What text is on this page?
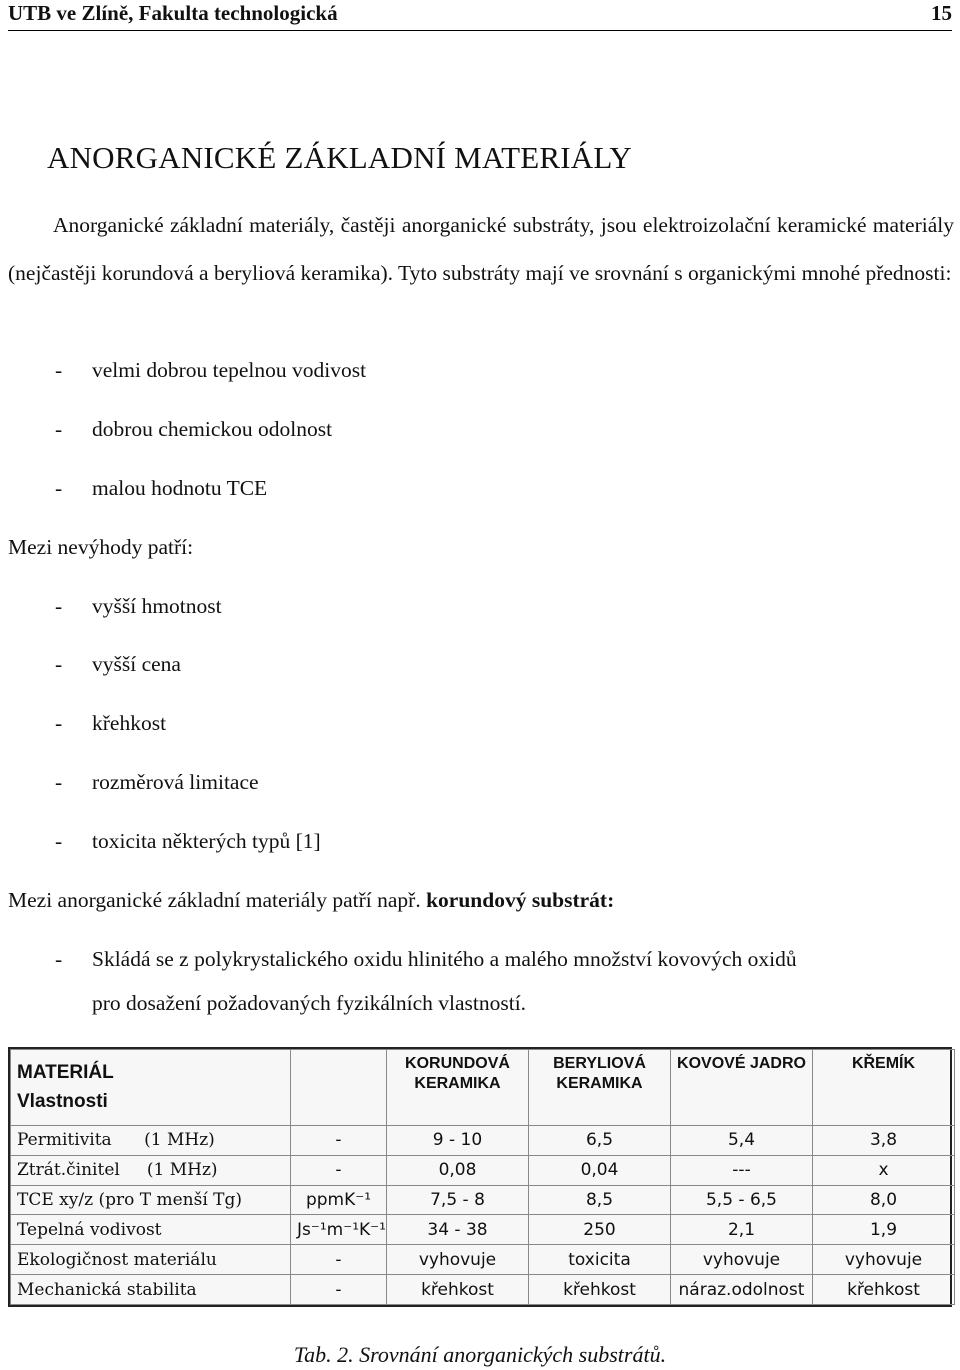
UTB ve Zlíně, Fakulta technologická	15
ANORGANICKÉ ZÁKLADNÍ MATERIÁLY

Anorganické základní materiály, častěji anorganické substráty, jsou elektroizolační keramické materiály (nejčastěji korundová a beryliová keramika). Tyto substráty mají ve srovnání s organickými mnohé přednosti:

- velmi dobrou tepelnou vodivost
- dobrou chemickou odolnost
- malou hodnotu TCE
Mezi nevýhody patří:
- vyšší hmotnost
- vyšší cena
- křehkost
- rozměrová limitace
- toxicita některých typů [1]
Mezi anorganické základní materiály patří např. korundový substrát:
- Skládá se z polykrystalického oxidu hlinitého a malého množství kovových oxidů
pro dosažení požadovaných fyzikálních vlastností.
MATERIÁL
Vlastnosti		KORUNDOVÁ KERAMIKA	BERYLIOVÁ KERAMIKA	KOVOVÉ JADRO	KŘEMÍK
Permitivita (1 MHz)	-	9 - 10	6,5	5,4	3,8
Ztrát.činitel (1 MHz)	-	0,08	0,04	---	x
TCE xy/z (pro T menší Tg)	ppmK⁻¹	7,5 - 8	8,5	5,5 - 6,5	8,0
Tepelná vodivost	Js⁻¹m⁻¹K⁻¹	34 - 38	250	2,1	1,9
Ekologičnost materiálu	-	vyhovuje	toxicita	vyhovuje	vyhovuje
Mechanická stabilita	-	křehkost	křehkost	náraz.odolnost	křehkost
Tab. 2. Srovnání anorganických substrátů.
